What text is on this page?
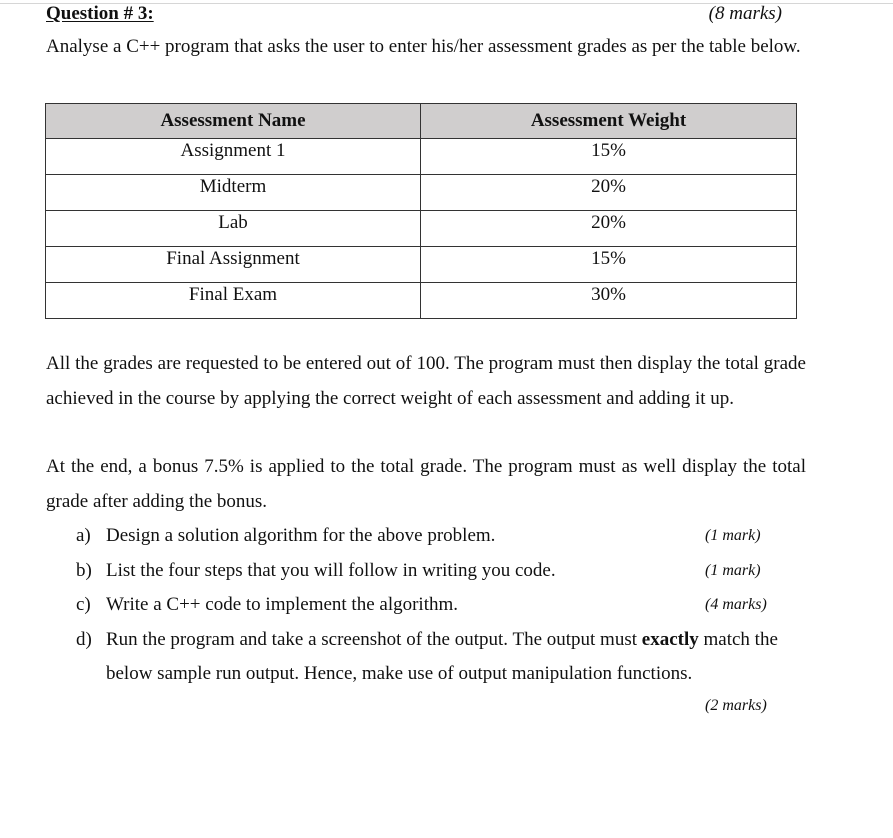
Question # 3:	(8 marks)

Analyse a C++ program that asks the user to enter his/her assessment grades as per the table below.

Assessment Name	Assessment Weight
Assignment 1	15%
Midterm	20%
Lab	20%
Final Assignment	15%
Final Exam	30%

All the grades are requested to be entered out of 100. The program must then display the total grade achieved in the course by applying the correct weight of each assessment and adding it up.

At the end, a bonus 7.5% is applied to the total grade. The program must as well display the total grade after adding the bonus.

a) Design a solution algorithm for the above problem.	(1 mark)
b) List the four steps that you will follow in writing you code.	(1 mark)
c) Write a C++ code to implement the algorithm.	(4 marks)
d) Run the program and take a screenshot of the output. The output must exactly match the below sample run output. Hence, make use of output manipulation functions.
(2 marks)
